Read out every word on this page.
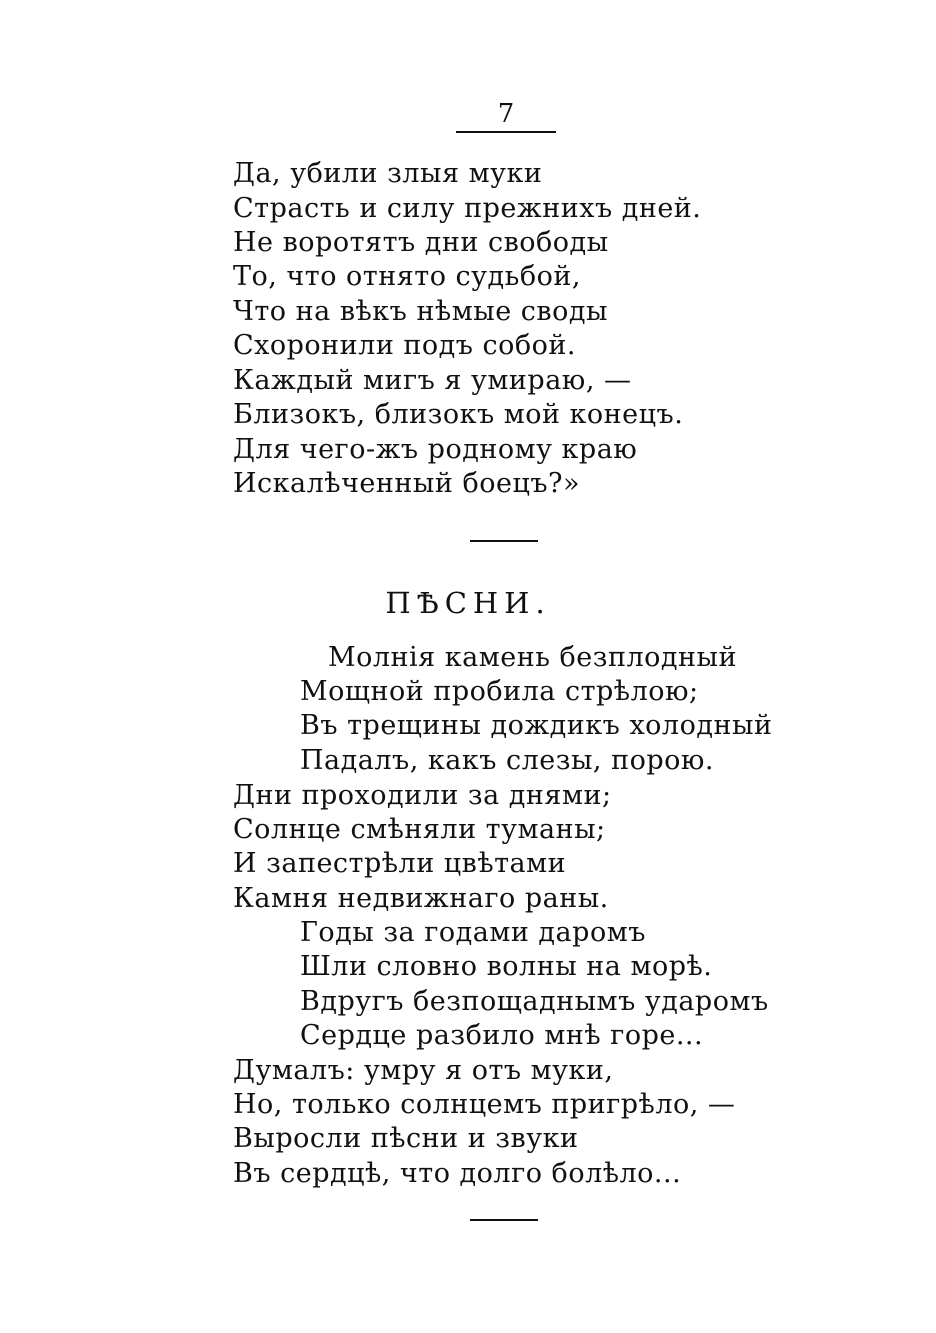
7
Да, убили злыя муки
Страсть и силу прежнихъ дней.
Не воротятъ дни свободы
То, что отнято судьбой,
Что на вѣкъ нѣмые своды
Схоронили подъ собой.
Каждый мигъ я умираю, —
Близокъ, близокъ мой конецъ.
Для чего-жъ родному краю
Искалѣченный боецъ?»
ПѢСНИ.
Молнія камень безплодный
Мощной пробила стрѣлою;
Въ трещины дождикъ холодный
Падалъ, какъ слезы, порою.
Дни проходили за днями;
Солнце смѣняли туманы;
И запестрѣли цвѣтами
Камня недвижнаго раны.
Годы за годами даромъ
Шли словно волны на морѣ.
Вдругъ безпощаднымъ ударомъ
Сердце разбило мнѣ горе...
Думалъ: умру я отъ муки,
Но, только солнцемъ пригрѣло, —
Выросли пѣсни и звуки
Въ сердцѣ, что долго болѣло...
